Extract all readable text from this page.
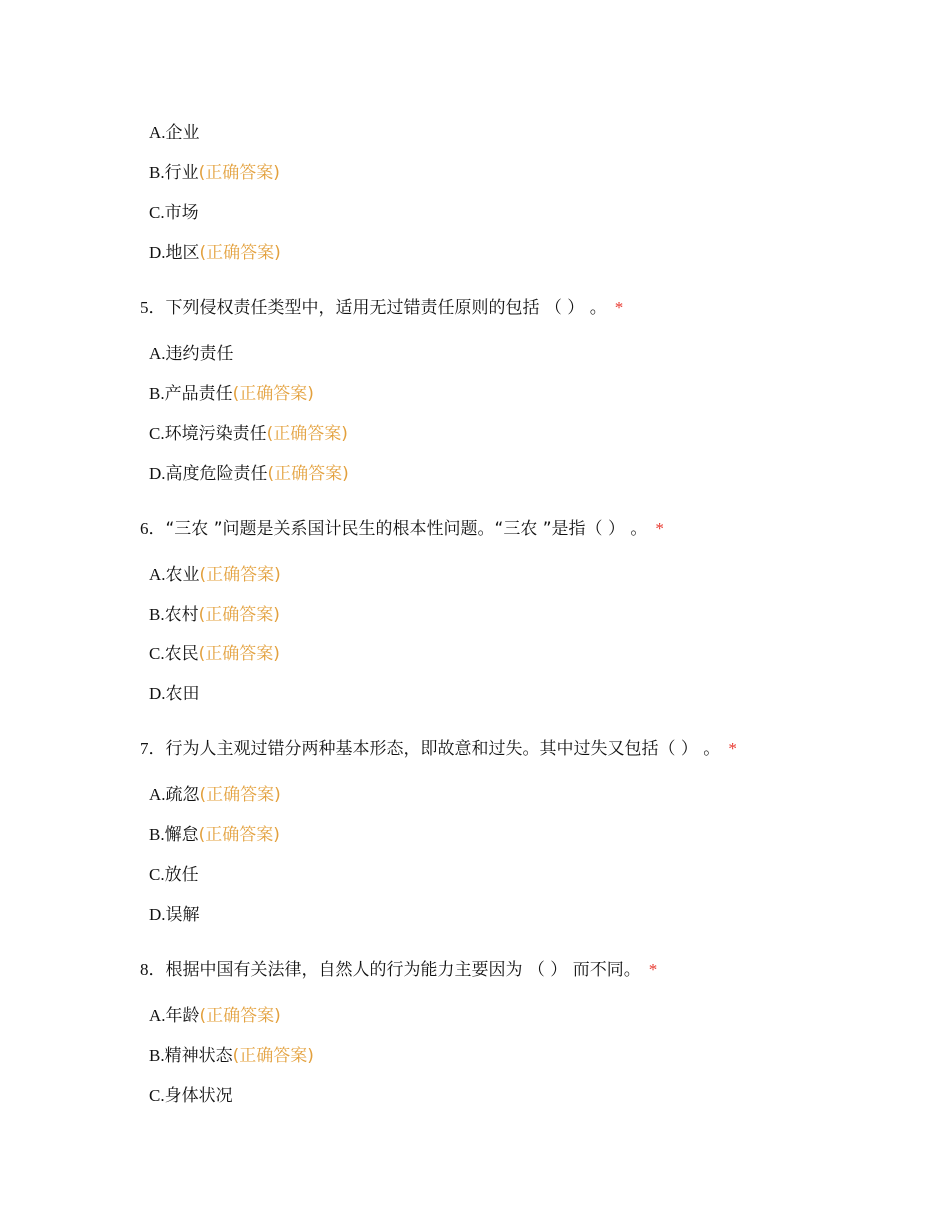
A.企业
B.行业(正确答案)
C.市场
D.地区(正确答案)
5．下列侵权责任类型中，适用无过错责任原则的包括 （ ） 。 *
A.违约责任
B.产品责任(正确答案)
C.环境污染责任(正确答案)
D.高度危险责任(正确答案)
6．“三农 ”问题是关系国计民生的根本性问题。“三农 ”是指（ ） 。 *
A.农业(正确答案)
B.农村(正确答案)
C.农民(正确答案)
D.农田
7．行为人主观过错分两种基本形态，即故意和过失。其中过失又包括（ ） 。 *
A.疏忽(正确答案)
B.懈怠(正确答案)
C.放任
D.误解
8．根据中国有关法律，自然人的行为能力主要因为 （ ） 而不同。 *
A.年龄(正确答案)
B.精神状态(正确答案)
C.身体状况
